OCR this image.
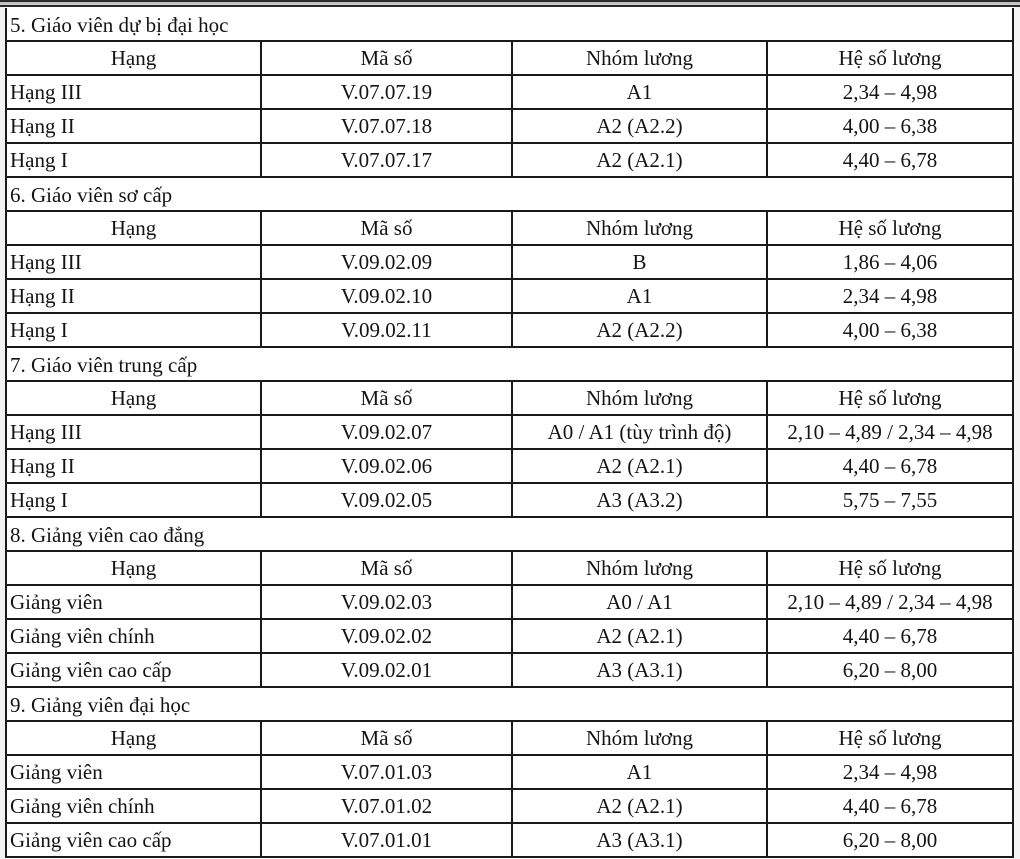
5. Giáo viên dự bị đại học
Hạng	Mã số	Nhóm lương	Hệ số lương
Hạng III	V.07.07.19	A1	2,34 – 4,98
Hạng II	V.07.07.18	A2 (A2.2)	4,00 – 6,38
Hạng I	V.07.07.17	A2 (A2.1)	4,40 – 6,78
6. Giáo viên sơ cấp
Hạng	Mã số	Nhóm lương	Hệ số lương
Hạng III	V.09.02.09	B	1,86 – 4,06
Hạng II	V.09.02.10	A1	2,34 – 4,98
Hạng I	V.09.02.11	A2 (A2.2)	4,00 – 6,38
7. Giáo viên trung cấp
Hạng	Mã số	Nhóm lương	Hệ số lương
Hạng III	V.09.02.07	A0 / A1 (tùy trình độ)	2,10 – 4,89 / 2,34 – 4,98
Hạng II	V.09.02.06	A2 (A2.1)	4,40 – 6,78
Hạng I	V.09.02.05	A3 (A3.2)	5,75 – 7,55
8. Giảng viên cao đẳng
Hạng	Mã số	Nhóm lương	Hệ số lương
Giảng viên	V.09.02.03	A0 / A1	2,10 – 4,89 / 2,34 – 4,98
Giảng viên chính	V.09.02.02	A2 (A2.1)	4,40 – 6,78
Giảng viên cao cấp	V.09.02.01	A3 (A3.1)	6,20 – 8,00
9. Giảng viên đại học
Hạng	Mã số	Nhóm lương	Hệ số lương
Giảng viên	V.07.01.03	A1	2,34 – 4,98
Giảng viên chính	V.07.01.02	A2 (A2.1)	4,40 – 6,78
Giảng viên cao cấp	V.07.01.01	A3 (A3.1)	6,20 – 8,00
